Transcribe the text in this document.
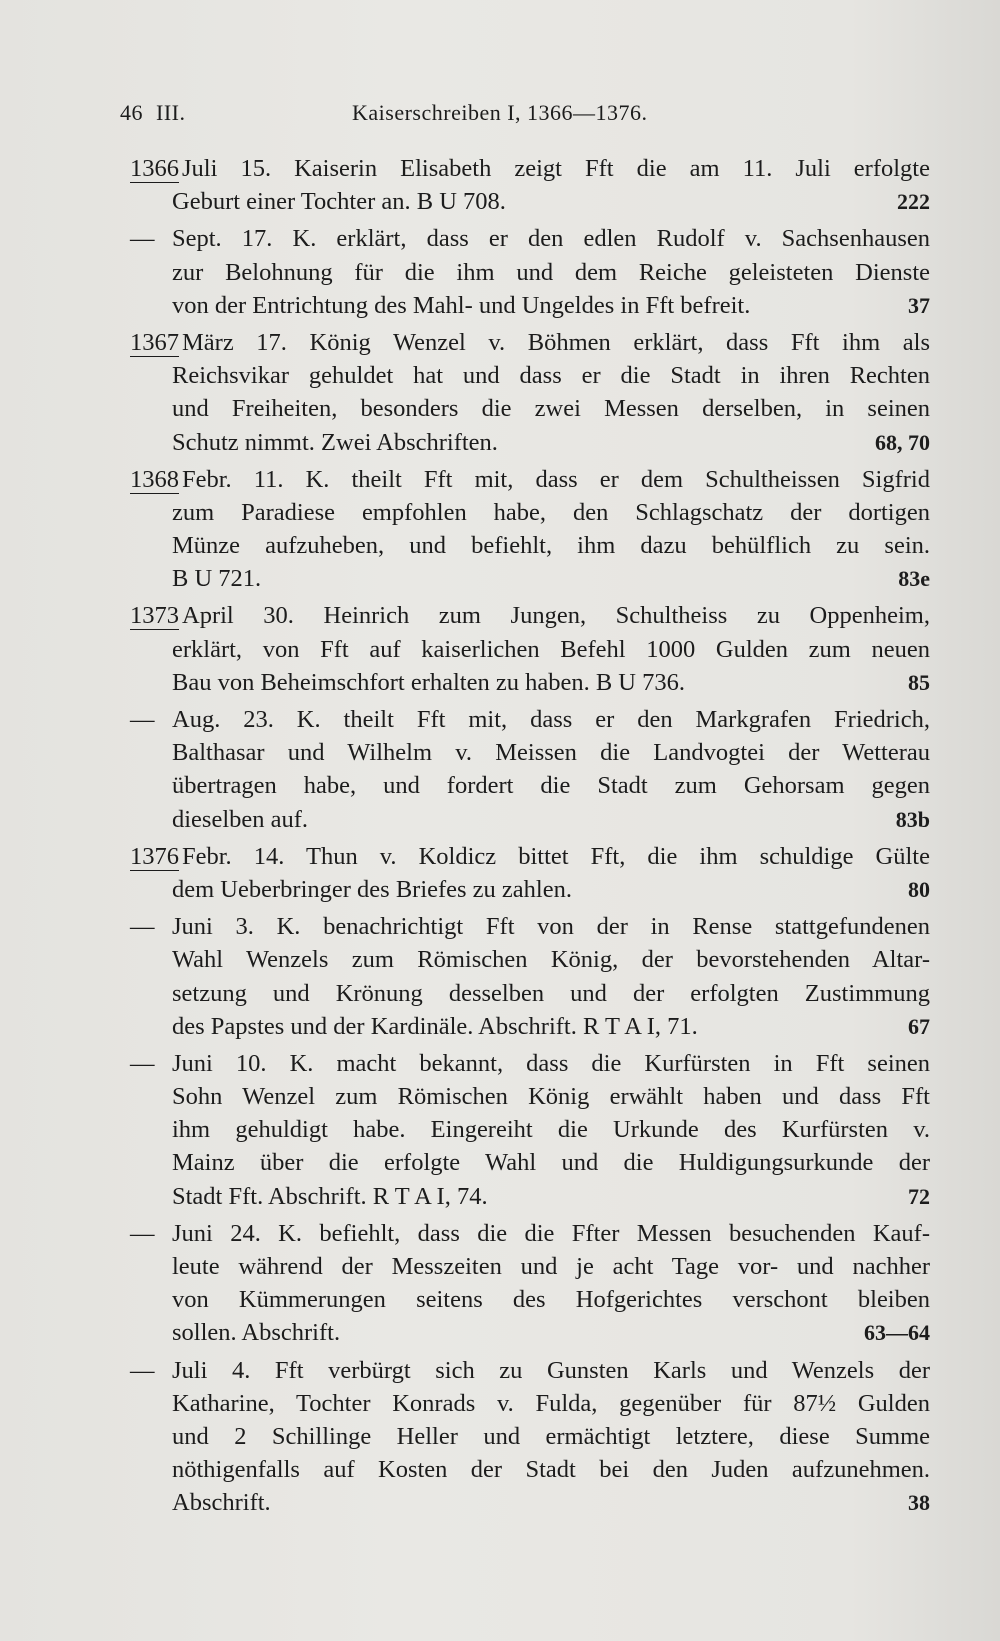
46 III.	Kaiserschreiben I, 1366—1376.
1366 Juli 15. Kaiserin Elisabeth zeigt Fft die am 11. Juli erfolgte
Geburt einer Tochter an. B U 708.	222
— Sept. 17. K. erklärt, dass er den edlen Rudolf v. Sachsenhausen
zur Belohnung für die ihm und dem Reiche geleisteten Dienste
von der Entrichtung des Mahl- und Ungeldes in Fft befreit.	37
1367 März 17. König Wenzel v. Böhmen erklärt, dass Fft ihm als
Reichsvikar gehuldet hat und dass er die Stadt in ihren Rechten
und Freiheiten, besonders die zwei Messen derselben, in seinen
Schutz nimmt. Zwei Abschriften.	68, 70
1368 Febr. 11. K. theilt Fft mit, dass er dem Schultheissen Sigfrid
zum Paradiese empfohlen habe, den Schlagschatz der dortigen
Münze aufzuheben, und befiehlt, ihm dazu behülflich zu sein.
B U 721.	83e
1373 April 30. Heinrich zum Jungen, Schultheiss zu Oppenheim,
erklärt, von Fft auf kaiserlichen Befehl 1000 Gulden zum neuen
Bau von Beheimschfort erhalten zu haben. B U 736.	85
— Aug. 23. K. theilt Fft mit, dass er den Markgrafen Friedrich,
Balthasar und Wilhelm v. Meissen die Landvogtei der Wetterau
übertragen habe, und fordert die Stadt zum Gehorsam gegen
dieselben auf.	83b
1376 Febr. 14. Thun v. Koldicz bittet Fft, die ihm schuldige Gülte
dem Ueberbringer des Briefes zu zahlen.	80
— Juni 3. K. benachrichtigt Fft von der in Rense stattgefundenen
Wahl Wenzels zum Römischen König, der bevorstehenden Altar-
setzung und Krönung desselben und der erfolgten Zustimmung
des Papstes und der Kardinäle. Abschrift. R T A I, 71.	67
— Juni 10. K. macht bekannt, dass die Kurfürsten in Fft seinen
Sohn Wenzel zum Römischen König erwählt haben und dass Fft
ihm gehuldigt habe. Eingereiht die Urkunde des Kurfürsten v.
Mainz über die erfolgte Wahl und die Huldigungsurkunde der
Stadt Fft. Abschrift. R T A I, 74.	72
— Juni 24. K. befiehlt, dass die die Ffter Messen besuchenden Kauf-
leute während der Messzeiten und je acht Tage vor- und nachher
von Kümmerungen seitens des Hofgerichtes verschont bleiben
sollen. Abschrift.	63—64
— Juli 4. Fft verbürgt sich zu Gunsten Karls und Wenzels der
Katharine, Tochter Konrads v. Fulda, gegenüber für 87½ Gulden
und 2 Schillinge Heller und ermächtigt letztere, diese Summe
nöthigenfalls auf Kosten der Stadt bei den Juden aufzunehmen.
Abschrift.	38
